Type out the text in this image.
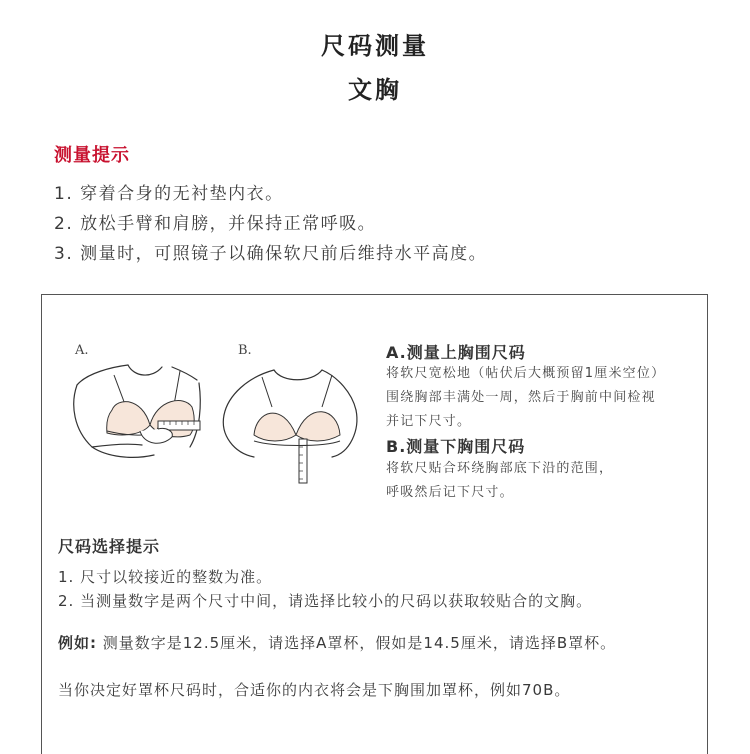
尺码测量
文胸
测量提示
1. 穿着合身的无衬垫内衣。
2. 放松手臂和肩膀，并保持正常呼吸。
3. 测量时，可照镜子以确保软尺前后维持水平高度。
A.	B.	A.测量上胸围尺码
将软尺宽松地（帖伏后大概预留1厘米空位）
围绕胸部丰满处一周，然后于胸前中间检视
并记下尺寸。
B.测量下胸围尺码
将软尺贴合环绕胸部底下沿的范围，
呼吸然后记下尺寸。
尺码选择提示
1. 尺寸以较接近的整数为准。
2. 当测量数字是两个尺寸中间，请选择比较小的尺码以获取较贴合的文胸。
例如: 测量数字是12.5厘米，请选择A罩杯，假如是14.5厘米，请选择B罩杯。
当你决定好罩杯尺码时，合适你的内衣将会是下胸围加罩杯，例如70B。
